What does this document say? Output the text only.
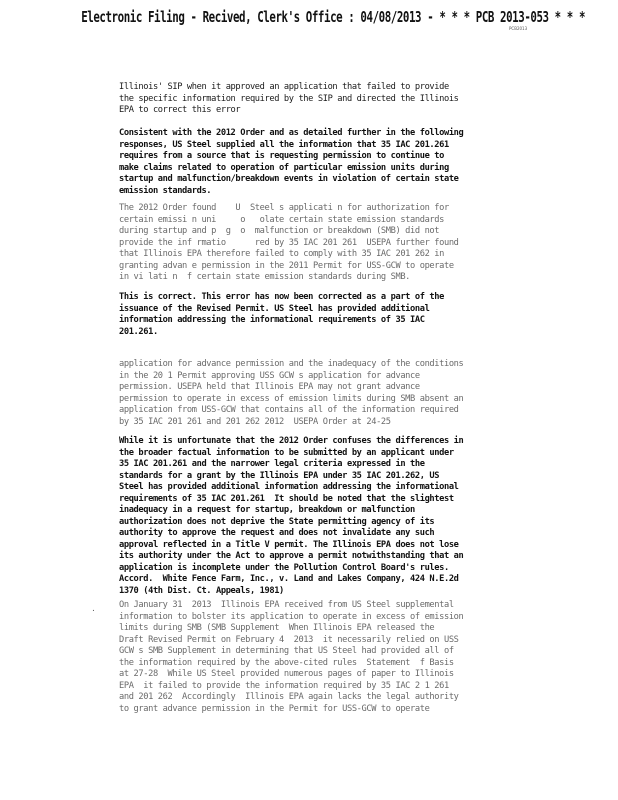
Electronic Filing - Recived, Clerk's Office : 04/08/2013 - * * * PCB 2013-053 * * *
PCB2013

Illinois' SIP when it approved an application that failed to provide
the specific information required by the SIP and directed the Illinois
EPA to correct this error

Consistent with the 2012 Order and as detailed further in the following
responses, US Steel supplied all the information that 35 IAC 201.261
requires from a source that is requesting permission to continue to
make claims related to operation of particular emission units during
startup and malfunction/breakdown events in violation of certain state
emission standards.

The 2012 Order found    U  Steel s applicati n for authorization for
certain emissi n uni     o   olate certain state emission standards
during startup and p  g  o  malfunction or breakdown (SMB) did not
provide the inf rmatio      red by 35 IAC 201 261  USEPA further found
that Illinois EPA therefore failed to comply with 35 IAC 201 262 in
granting advan e permission in the 2011 Permit for USS-GCW to operate
in vi lati n  f certain state emission standards during SMB.

This is correct. This error has now been corrected as a part of the
issuance of the Revised Permit. US Steel has provided additional
information addressing the informational requirements of 35 IAC
201.261.

application for advance permission and the inadequacy of the conditions
in the 20 1 Permit approving USS GCW s application for advance
permission. USEPA held that Illinois EPA may not grant advance
permission to operate in excess of emission limits during SMB absent an
application from USS-GCW that contains all of the information required
by 35 IAC 201 261 and 201 262 2012  USEPA Order at 24-25

While it is unfortunate that the 2012 Order confuses the differences in
the broader factual information to be submitted by an applicant under
35 IAC 201.261 and the narrower legal criteria expressed in the
standards for a grant by the Illinois EPA under 35 IAC 201.262, US
Steel has provided additional information addressing the informational
requirements of 35 IAC 201.261  It should be noted that the slightest
inadequacy in a request for startup, breakdown or malfunction
authorization does not deprive the State permitting agency of its
authority to approve the request and does not invalidate any such
approval reflected in a Title V permit. The Illinois EPA does not lose
its authority under the Act to approve a permit notwithstanding that an
application is incomplete under the Pollution Control Board's rules.
Accord.  White Fence Farm, Inc., v. Land and Lakes Company, 424 N.E.2d
1370 (4th Dist. Ct. Appeals, 1981)

.	On January 31  2013  Illinois EPA received from US Steel supplemental
information to bolster its application to operate in excess of emission
limits during SMB (SMB Supplement  When Illinois EPA released the
Draft Revised Permit on February 4  2013  it necessarily relied on USS
GCW s SMB Supplement in determining that US Steel had provided all of
the information required by the above-cited rules  Statement  f Basis
at 27-28  While US Steel provided numerous pages of paper to Illinois
EPA  it failed to provide the information required by 35 IAC 2 1 261
and 201 262  Accordingly  Illinois EPA again lacks the legal authority
to grant advance permission in the Permit for USS-GCW to operate
